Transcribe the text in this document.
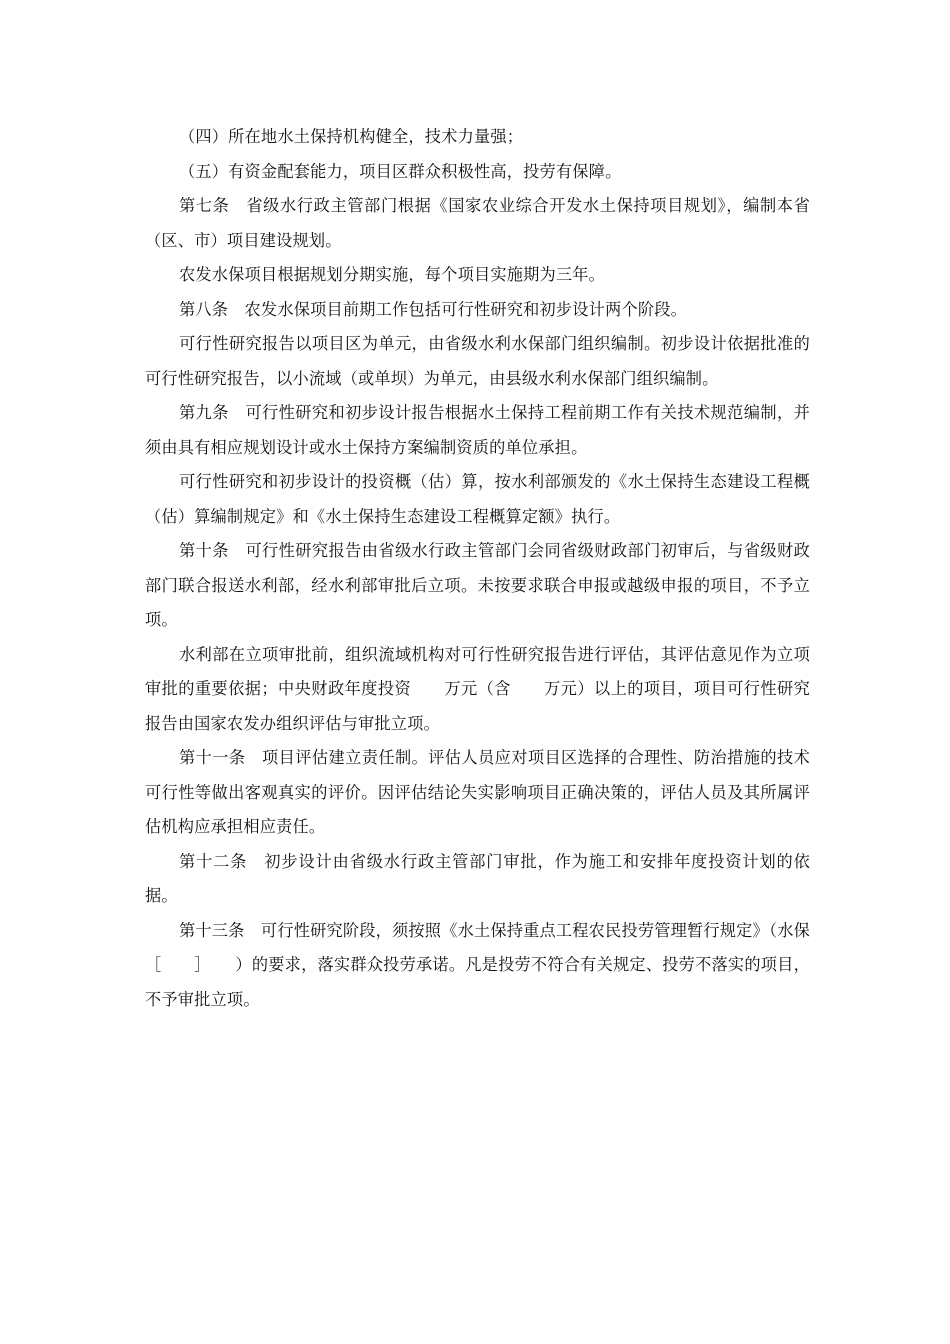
（四）所在地水土保持机构健全，技术力量强；

（五）有资金配套能力，项目区群众积极性高，投劳有保障。

第七条　省级水行政主管部门根据《国家农业综合开发水土保持项目规划》，编制本省（区、市）项目建设规划。

农发水保项目根据规划分期实施，每个项目实施期为三年。

第八条　农发水保项目前期工作包括可行性研究和初步设计两个阶段。

可行性研究报告以项目区为单元，由省级水利水保部门组织编制。初步设计依据批准的可行性研究报告，以小流域（或单坝）为单元，由县级水利水保部门组织编制。

第九条　可行性研究和初步设计报告根据水土保持工程前期工作有关技术规范编制，并须由具有相应规划设计或水土保持方案编制资质的单位承担。

可行性研究和初步设计的投资概（估）算，按水利部颁发的《水土保持生态建设工程概（估）算编制规定》和《水土保持生态建设工程概算定额》执行。

第十条　可行性研究报告由省级水行政主管部门会同省级财政部门初审后，与省级财政部门联合报送水利部，经水利部审批后立项。未按要求联合申报或越级申报的项目，不予立项。

水利部在立项审批前，组织流域机构对可行性研究报告进行评估，其评估意见作为立项审批的重要依据；中央财政年度投资　　万元（含　　万元）以上的项目，项目可行性研究报告由国家农发办组织评估与审批立项。

第十一条　项目评估建立责任制。评估人员应对项目区选择的合理性、防治措施的技术可行性等做出客观真实的评价。因评估结论失实影响项目正确决策的，评估人员及其所属评估机构应承担相应责任。

第十二条　初步设计由省级水行政主管部门审批，作为施工和安排年度投资计划的依据。

第十三条　可行性研究阶段，须按照《水土保持重点工程农民投劳管理暂行规定》（水保［　　］　　）的要求，落实群众投劳承诺。凡是投劳不符合有关规定、投劳不落实的项目，不予审批立项。
